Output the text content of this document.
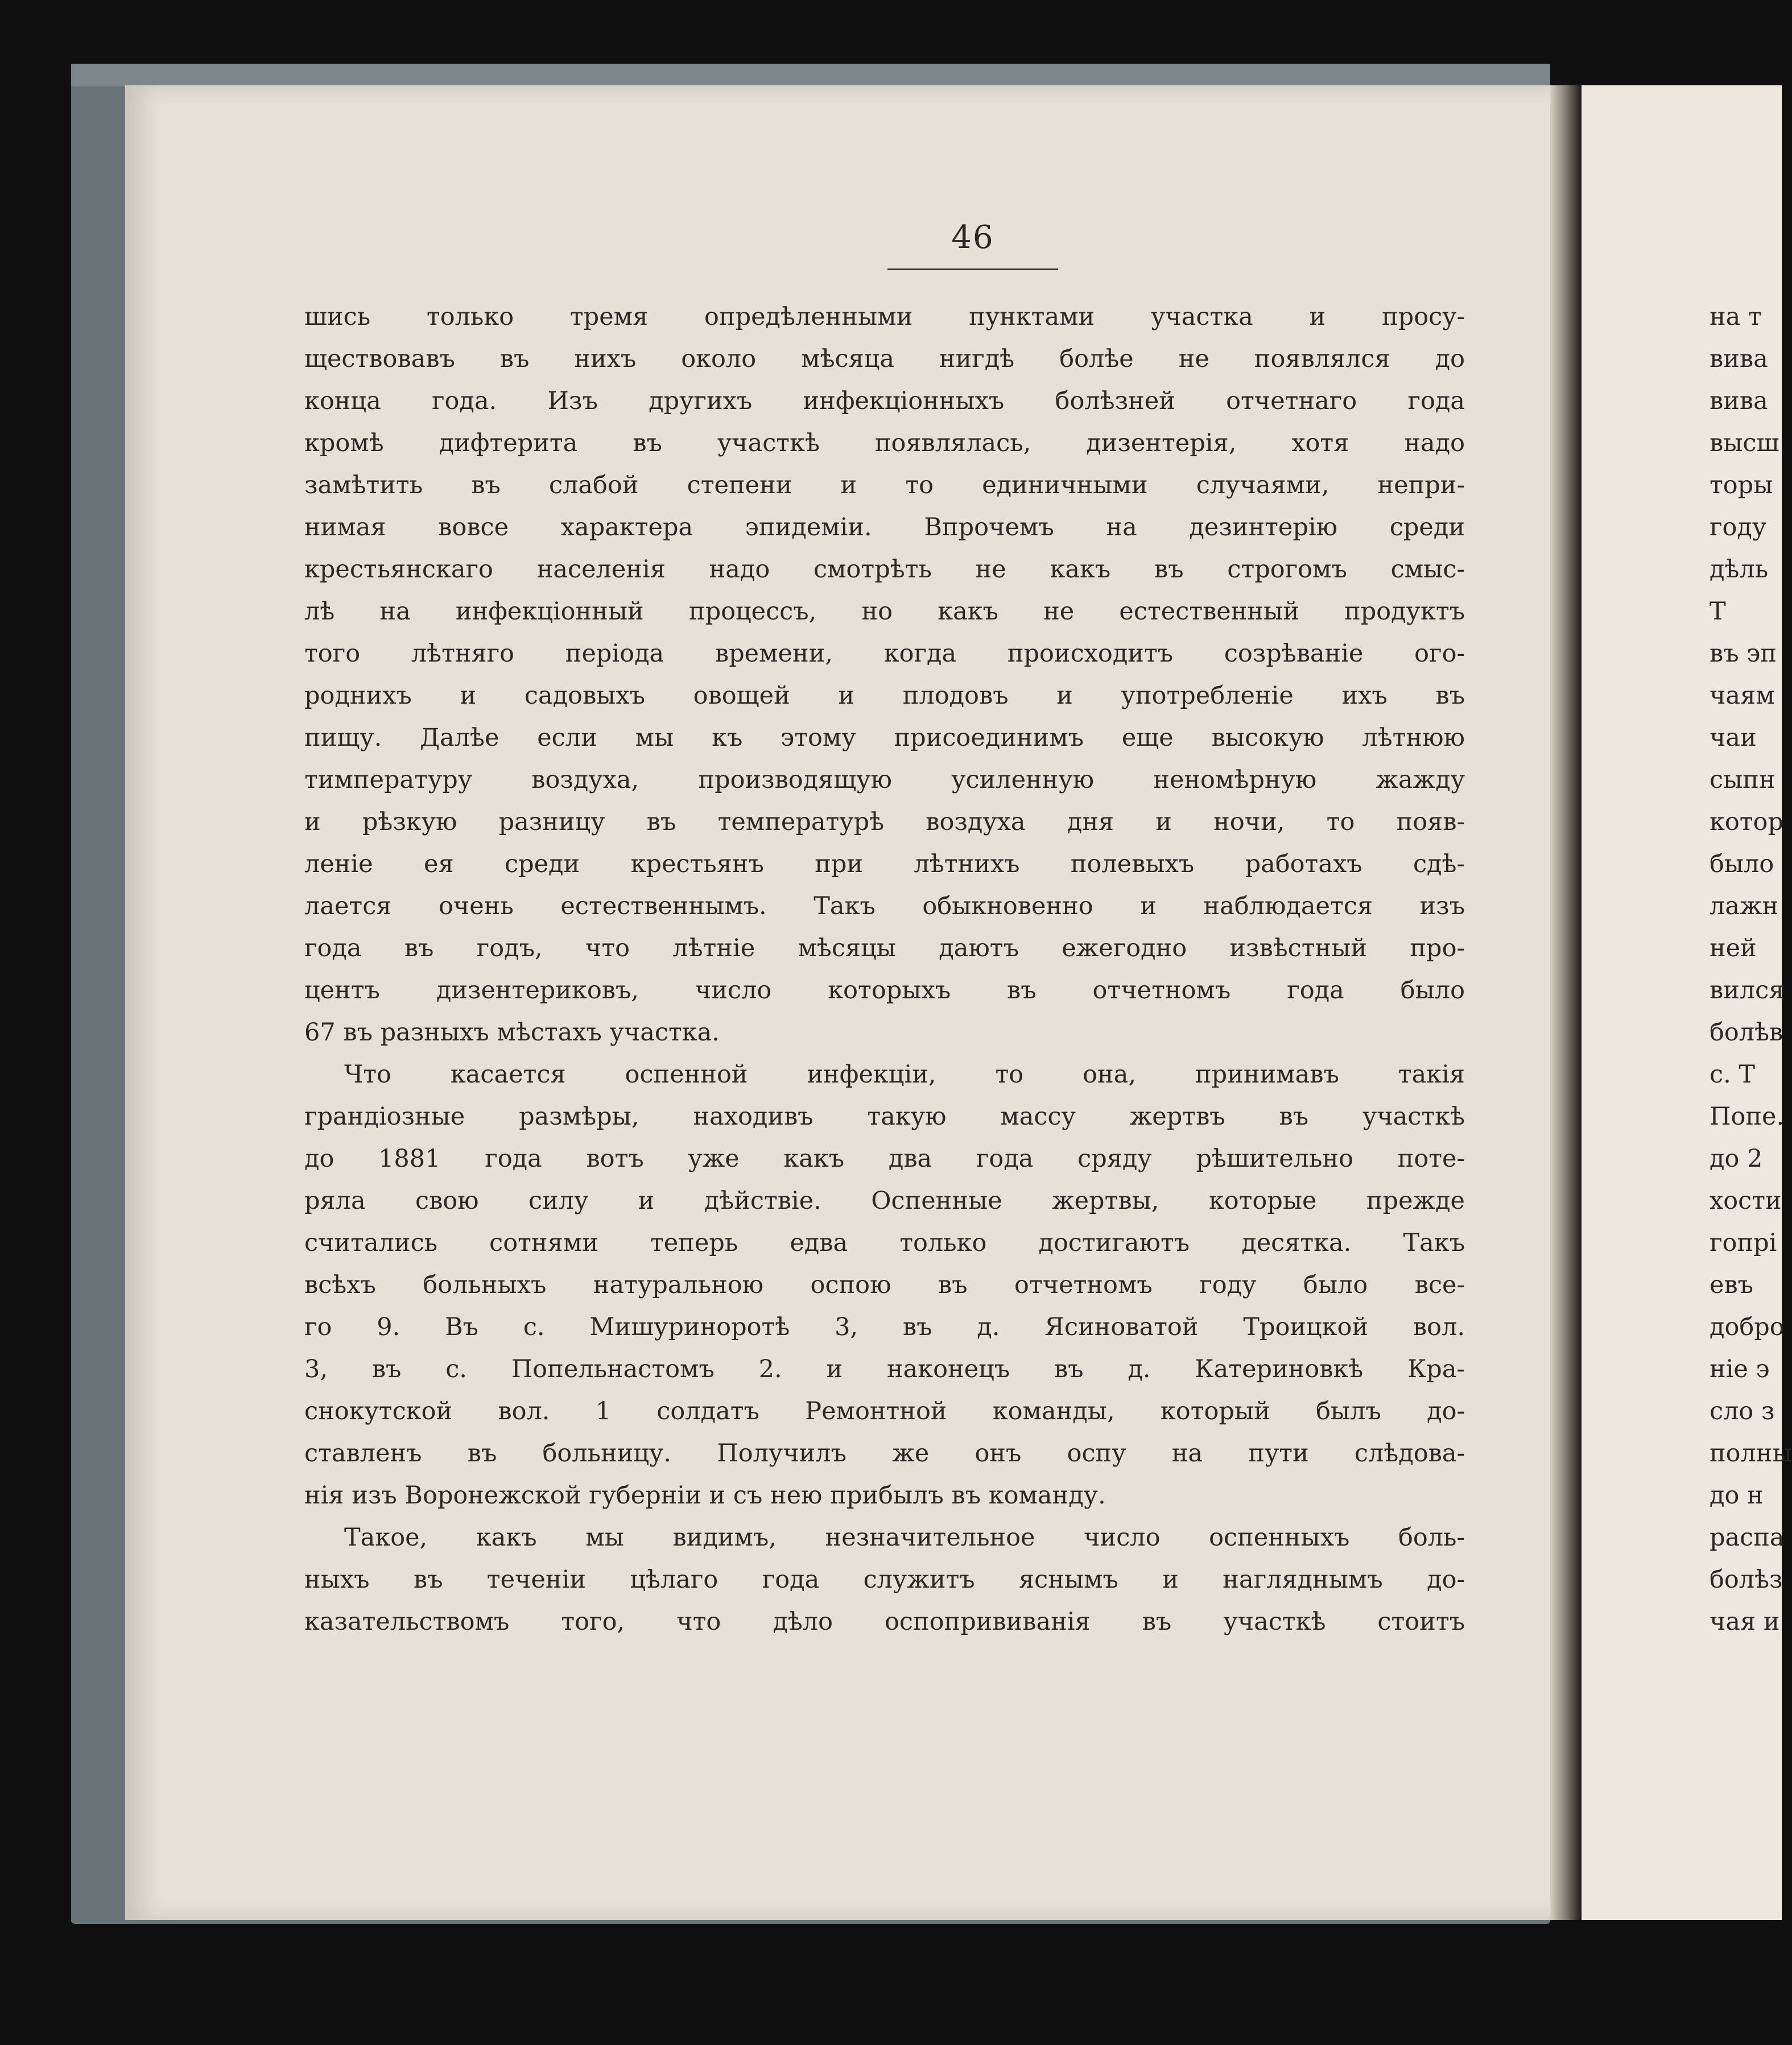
46
шись только тремя опредѣленными пунктами участка и просу-
ществовавъ въ нихъ около мѣсяца нигдѣ болѣе не появлялся до
конца года. Изъ другихъ инфекціонныхъ болѣзней отчетнаго года
кромѣ дифтерита въ участкѣ появлялась, дизентерія, хотя надо
замѣтить въ слабой степени и то единичными случаями, непри-
нимая вовсе характера эпидеміи. Впрочемъ на дезинтерію среди
крестьянскаго населенія надо смотрѣть не какъ въ строгомъ смыс-
лѣ на инфекціонный процессъ, но какъ не естественный продуктъ
того лѣтняго періода времени, когда происходитъ созрѣваніе ого-
роднихъ и садовыхъ овощей и плодовъ и употребленіе ихъ въ
пищу. Далѣе если мы къ этому присоединимъ еще высокую лѣтнюю
тимпературу воздуха, производящую усиленную неномѣрную жажду
и рѣзкую разницу въ температурѣ воздуха дня и ночи, то появ-
леніе ея среди крестьянъ при лѣтнихъ полевыхъ работахъ сдѣ-
лается очень естественнымъ. Такъ обыкновенно и наблюдается изъ
года въ годъ, что лѣтніе мѣсяцы даютъ ежегодно извѣстный про-
центъ дизентериковъ, число которыхъ въ отчетномъ года было
67 въ разныхъ мѣстахъ участка.
Что касается оспенной инфекціи, то она, принимавъ такія
грандіозные размѣры, находивъ такую массу жертвъ въ участкѣ
до 1881 года вотъ уже какъ два года сряду рѣшительно поте-
ряла свою силу и дѣйствіе. Оспенные жертвы, которые прежде
считались сотнями теперь едва только достигаютъ десятка. Такъ
всѣхъ больныхъ натуральною оспою въ отчетномъ году было все-
го 9. Въ с. Мишуриноротѣ 3, въ д. Ясиноватой Троицкой вол.
3, въ с. Попельнастомъ 2. и наконецъ въ д. Катериновкѣ Кра-
снокутской вол. 1 солдатъ Ремонтной команды, который былъ до-
ставленъ въ больницу. Получилъ же онъ оспу на пути слѣдова-
нія изъ Воронежской губерніи и съ нею прибылъ въ команду.
Такое, какъ мы видимъ, незначительное число оспенныхъ боль-
ныхъ въ теченіи цѣлаго года служитъ яснымъ и нагляднымъ до-
казательствомъ того, что дѣло оспопрививанія въ участкѣ стоитъ
на т
вива
вива
высш
торы
году
дѣль
Т
въ эп
чаям
чаи
сыпн
котор
было
лажн
ней
вился
болѣв
с. Т
Попе.
до 2
хости
гопрі
евъ
добро
ніе э
сло з
полны
до н
распа
болѣз
чая и
